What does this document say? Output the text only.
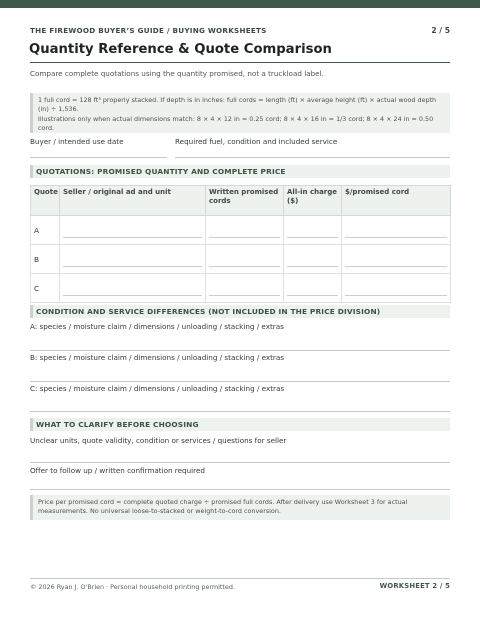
THE FIREWOOD BUYER’S GUIDE / BUYING WORKSHEETS	2 / 5
Quantity Reference & Quote Comparison
Compare complete quotations using the quantity promised, not a truckload label.

1 full cord = 128 ft³ properly stacked. If depth is in inches: full cords = length (ft) × average height (ft) × actual wood depth (in) ÷ 1,536.

Illustrations only when actual dimensions match: 8 × 4 × 12 in = 0.25 cord; 8 × 4 × 16 in = 1/3 cord; 8 × 4 × 24 in = 0.50 cord.

Buyer / intended use date	Required fuel, condition and included service
QUOTATIONS: PROMISED QUANTITY AND COMPLETE PRICE
Quote	Seller / original ad and unit	Written promised cords	All-in charge ($)	$/promised cord
A	

B	

C	

CONDITION AND SERVICE DIFFERENCES (NOT INCLUDED IN THE PRICE DIVISION)
A: species / moisture claim / dimensions / unloading / stacking / extras
B: species / moisture claim / dimensions / unloading / stacking / extras
C: species / moisture claim / dimensions / unloading / stacking / extras
WHAT TO CLARIFY BEFORE CHOOSING
Unclear units, quote validity, condition or services / questions for seller
Offer to follow up / written confirmation required
Price per promised cord = complete quoted charge ÷ promised full cords. After delivery use Worksheet 3 for actual measurements. No universal loose-to-stacked or weight-to-cord conversion.
© 2026 Ryan J. O'Brien · Personal household printing permitted.	WORKSHEET 2 / 5
